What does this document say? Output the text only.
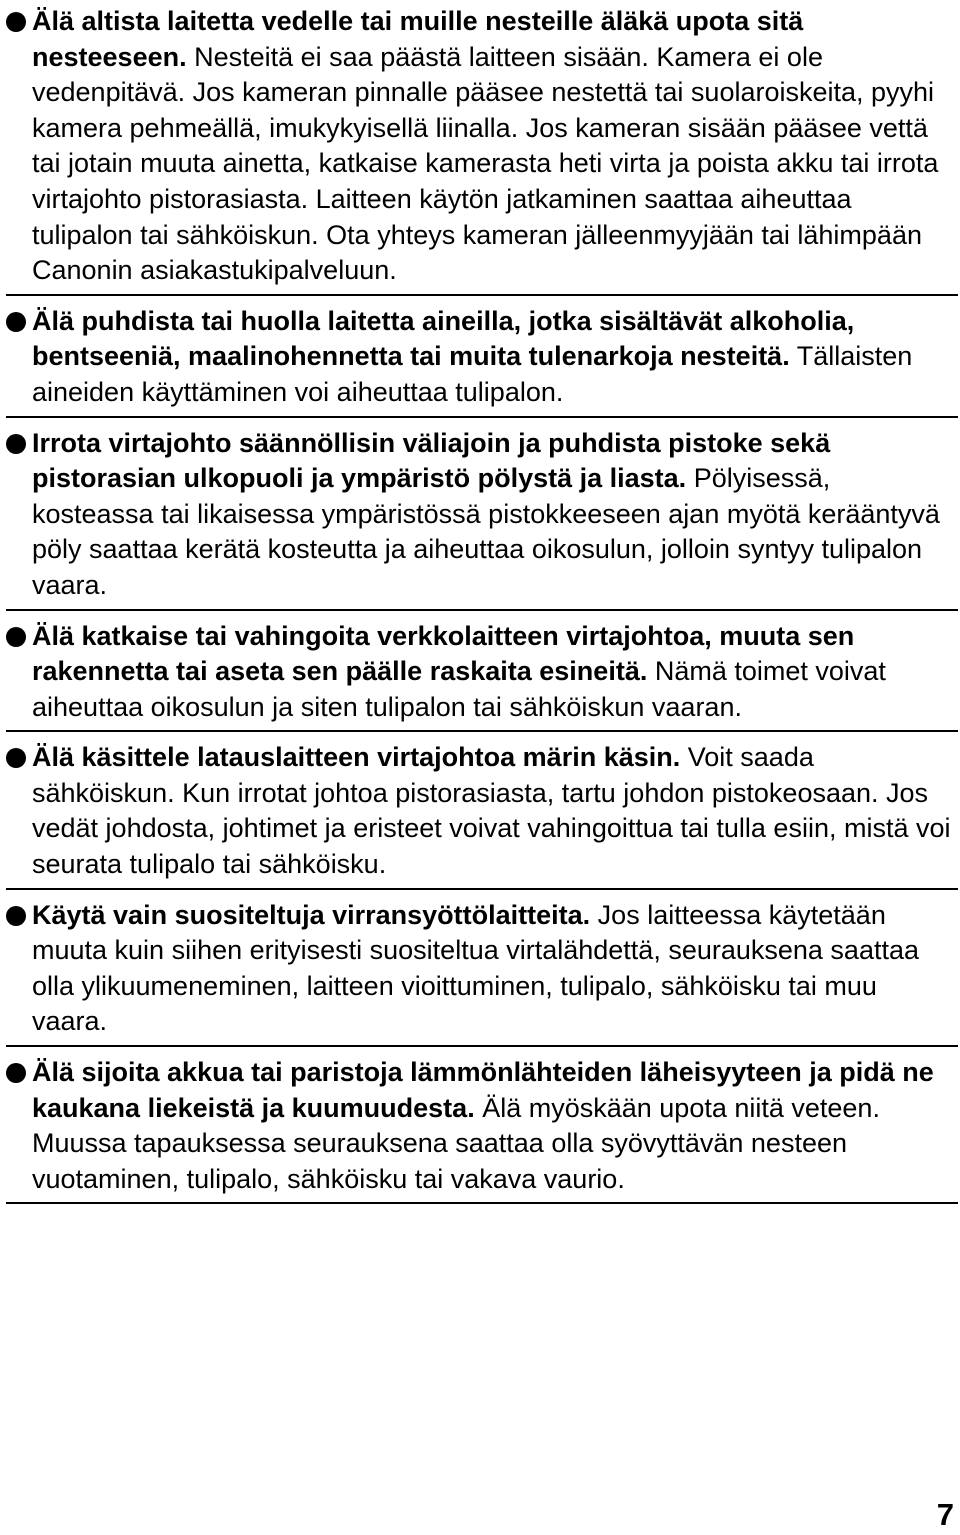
Älä altista laitetta vedelle tai muille nesteille äläkä upota sitä nesteeseen. Nesteitä ei saa päästä laitteen sisään. Kamera ei ole vedenpitävä. Jos kameran pinnalle pääsee nestettä tai suolaroiskeita, pyyhi kamera pehmeällä, imukykyisellä liinalla. Jos kameran sisään pääsee vettä tai jotain muuta ainetta, katkaise kamerasta heti virta ja poista akku tai irrota virtajohto pistorasiasta. Laitteen käytön jatkaminen saattaa aiheuttaa tulipalon tai sähköiskun. Ota yhteys kameran jälleenmyyjään tai lähimpään Canonin asiakastukipalveluun.
Älä puhdista tai huolla laitetta aineilla, jotka sisältävät alkoholia, bentseeniä, maalinohennetta tai muita tulenarkoja nesteitä. Tällaisten aineiden käyttäminen voi aiheuttaa tulipalon.
Irrota virtajohto säännöllisin väliajoin ja puhdista pistoke sekä pistorasian ulkopuoli ja ympäristö pölystä ja liasta. Pölyisessä, kosteassa tai likaisessa ympäristössä pistokkeeseen ajan myötä kerääntyvä pöly saattaa kerätä kosteutta ja aiheuttaa oikosulun, jolloin syntyy tulipalon vaara.
Älä katkaise tai vahingoita verkkolaitteen virtajohtoa, muuta sen rakennetta tai aseta sen päälle raskaita esineitä. Nämä toimet voivat aiheuttaa oikosulun ja siten tulipalon tai sähköiskun vaaran.
Älä käsittele latauslaitteen virtajohtoa märin käsin. Voit saada sähköiskun. Kun irrotat johtoa pistorasiasta, tartu johdon pistokeosaan. Jos vedät johdosta, johtimet ja eristeet voivat vahingoittua tai tulla esiin, mistä voi seurata tulipalo tai sähköisku.
Käytä vain suositeltuja virransyöttölaitteita. Jos laitteessa käytetään muuta kuin siihen erityisesti suositeltua virtalähdettä, seurauksena saattaa olla ylikuumeneminen, laitteen vioittuminen, tulipalo, sähköisku tai muu vaara.
Älä sijoita akkua tai paristoja lämmönlähteiden läheisyyteen ja pidä ne kaukana liekeistä ja kuumuudesta. Älä myöskään upota niitä veteen. Muussa tapauksessa seurauksena saattaa olla syövyttävän nesteen vuotaminen, tulipalo, sähköisku tai vakava vaurio.
7
